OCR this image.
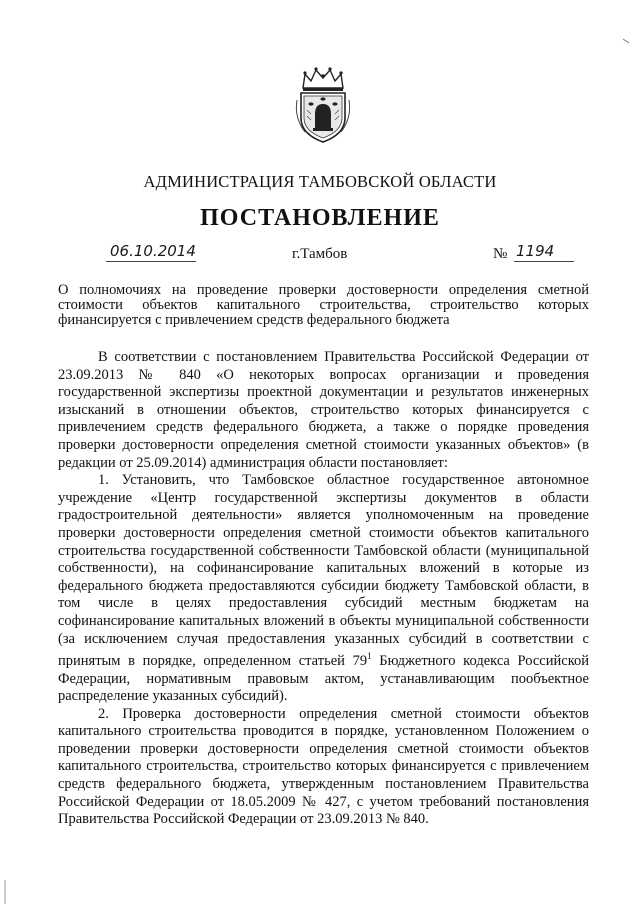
АДМИНИСТРАЦИЯ ТАМБОВСКОЙ ОБЛАСТИ
ПОСТАНОВЛЕНИЕ
06.10.2014	г.Тамбов	№ 1194
О полномочиях на проведение проверки достоверности определения сметной стоимости объектов капитального строительства, строительство которых финансируется с привлечением средств федерального бюджета

В соответствии с постановлением Правительства Российской Федерации от 23.09.2013 № 840 «О некоторых вопросах организации и проведения государственной экспертизы проектной документации и результатов инженерных изысканий в отношении объектов, строительство которых финансируется с привлечением средств федерального бюджета, а также о порядке проведения проверки достоверности определения сметной стоимости указанных объектов» (в редакции от 25.09.2014) администрация области постановляет:

1. Установить, что Тамбовское областное государственное автономное учреждение «Центр государственной экспертизы документов в области градостроительной деятельности» является уполномоченным на проведение проверки достоверности определения сметной стоимости объектов капитального строительства государственной собственности Тамбовской области (муниципальной собственности), на софинансирование капитальных вложений в которые из федерального бюджета предоставляются субсидии бюджету Тамбовской области, в том числе в целях предоставления субсидий местным бюджетам на софинансирование капитальных вложений в объекты муниципальной собственности (за исключением случая предоставления указанных субсидий в соответствии с принятым в порядке, определенном статьей $79^1$ Бюджетного кодекса Российской Федерации, нормативным правовым актом, устанавливающим пообъектное распределение указанных субсидий).

2. Проверка достоверности определения сметной стоимости объектов капитального строительства проводится в порядке, установленном Положением о проведении проверки достоверности определения сметной стоимости объектов капитального строительства, строительство которых финансируется с привлечением средств федерального бюджета, утвержденным постановлением Правительства Российской Федерации от 18.05.2009 № 427, с учетом требований постановления Правительства Российской Федерации от 23.09.2013 № 840.
